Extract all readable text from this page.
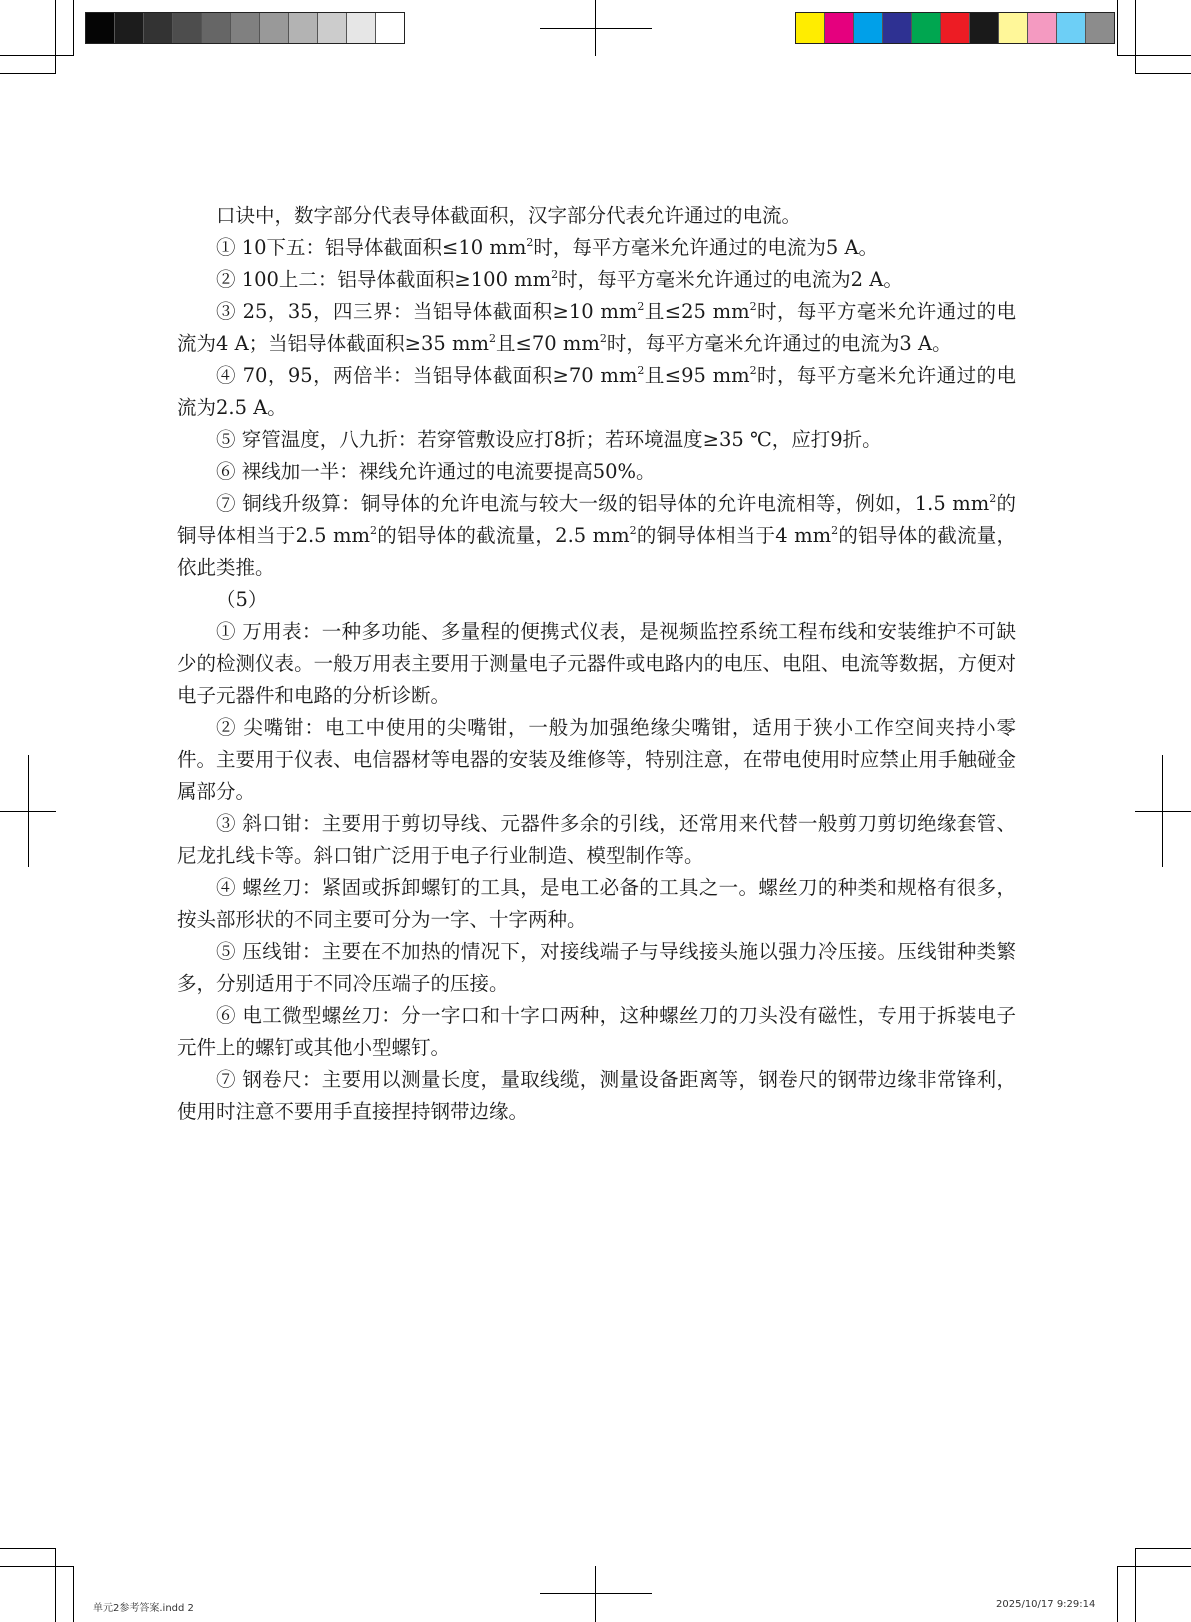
口诀中，数字部分代表导体截面积，汉字部分代表允许通过的电流。

① 10下五：铝导体截面积≤10 $mm^2$时，每平方毫米允许通过的电流为5 A。

② 100上二：铝导体截面积≥100 $mm^2$时，每平方毫米允许通过的电流为2 A。

③ 25，35，四三界：当铝导体截面积≥10 $mm^2$且≤25 $mm^2$时，每平方毫米允许通过的电流为4 A；当铝导体截面积≥35 $mm^2$且≤70 $mm^2$时，每平方毫米允许通过的电流为3 A。

④ 70，95，两倍半：当铝导体截面积≥70 $mm^2$且≤95 $mm^2$时，每平方毫米允许通过的电流为2.5 A。

⑤ 穿管温度，八九折：若穿管敷设应打8折；若环境温度≥35 ℃，应打9折。

⑥ 裸线加一半：裸线允许通过的电流要提高50%。

⑦ 铜线升级算：铜导体的允许电流与较大一级的铝导体的允许电流相等，例如，1.5 $mm^2$的铜导体相当于2.5 $mm^2$的铝导体的截流量，2.5 $mm^2$的铜导体相当于4 $mm^2$的铝导体的截流量，依此类推。

（5）

① 万用表：一种多功能、多量程的便携式仪表，是视频监控系统工程布线和安装维护不可缺少的检测仪表。一般万用表主要用于测量电子元器件或电路内的电压、电阻、电流等数据，方便对电子元器件和电路的分析诊断。

② 尖嘴钳：电工中使用的尖嘴钳，一般为加强绝缘尖嘴钳，适用于狭小工作空间夹持小零件。主要用于仪表、电信器材等电器的安装及维修等，特别注意，在带电使用时应禁止用手触碰金属部分。

③ 斜口钳：主要用于剪切导线、元器件多余的引线，还常用来代替一般剪刀剪切绝缘套管、尼龙扎线卡等。斜口钳广泛用于电子行业制造、模型制作等。

④ 螺丝刀：紧固或拆卸螺钉的工具，是电工必备的工具之一。螺丝刀的种类和规格有很多，按头部形状的不同主要可分为一字、十字两种。

⑤ 压线钳：主要在不加热的情况下，对接线端子与导线接头施以强力冷压接。压线钳种类繁多，分别适用于不同冷压端子的压接。

⑥ 电工微型螺丝刀：分一字口和十字口两种，这种螺丝刀的刀头没有磁性，专用于拆装电子元件上的螺钉或其他小型螺钉。

⑦ 钢卷尺：主要用以测量长度，量取线缆，测量设备距离等，钢卷尺的钢带边缘非常锋利，使用时注意不要用手直接捏持钢带边缘。

单元2参考答案.indd 2	2025/10/17 9:29:14
